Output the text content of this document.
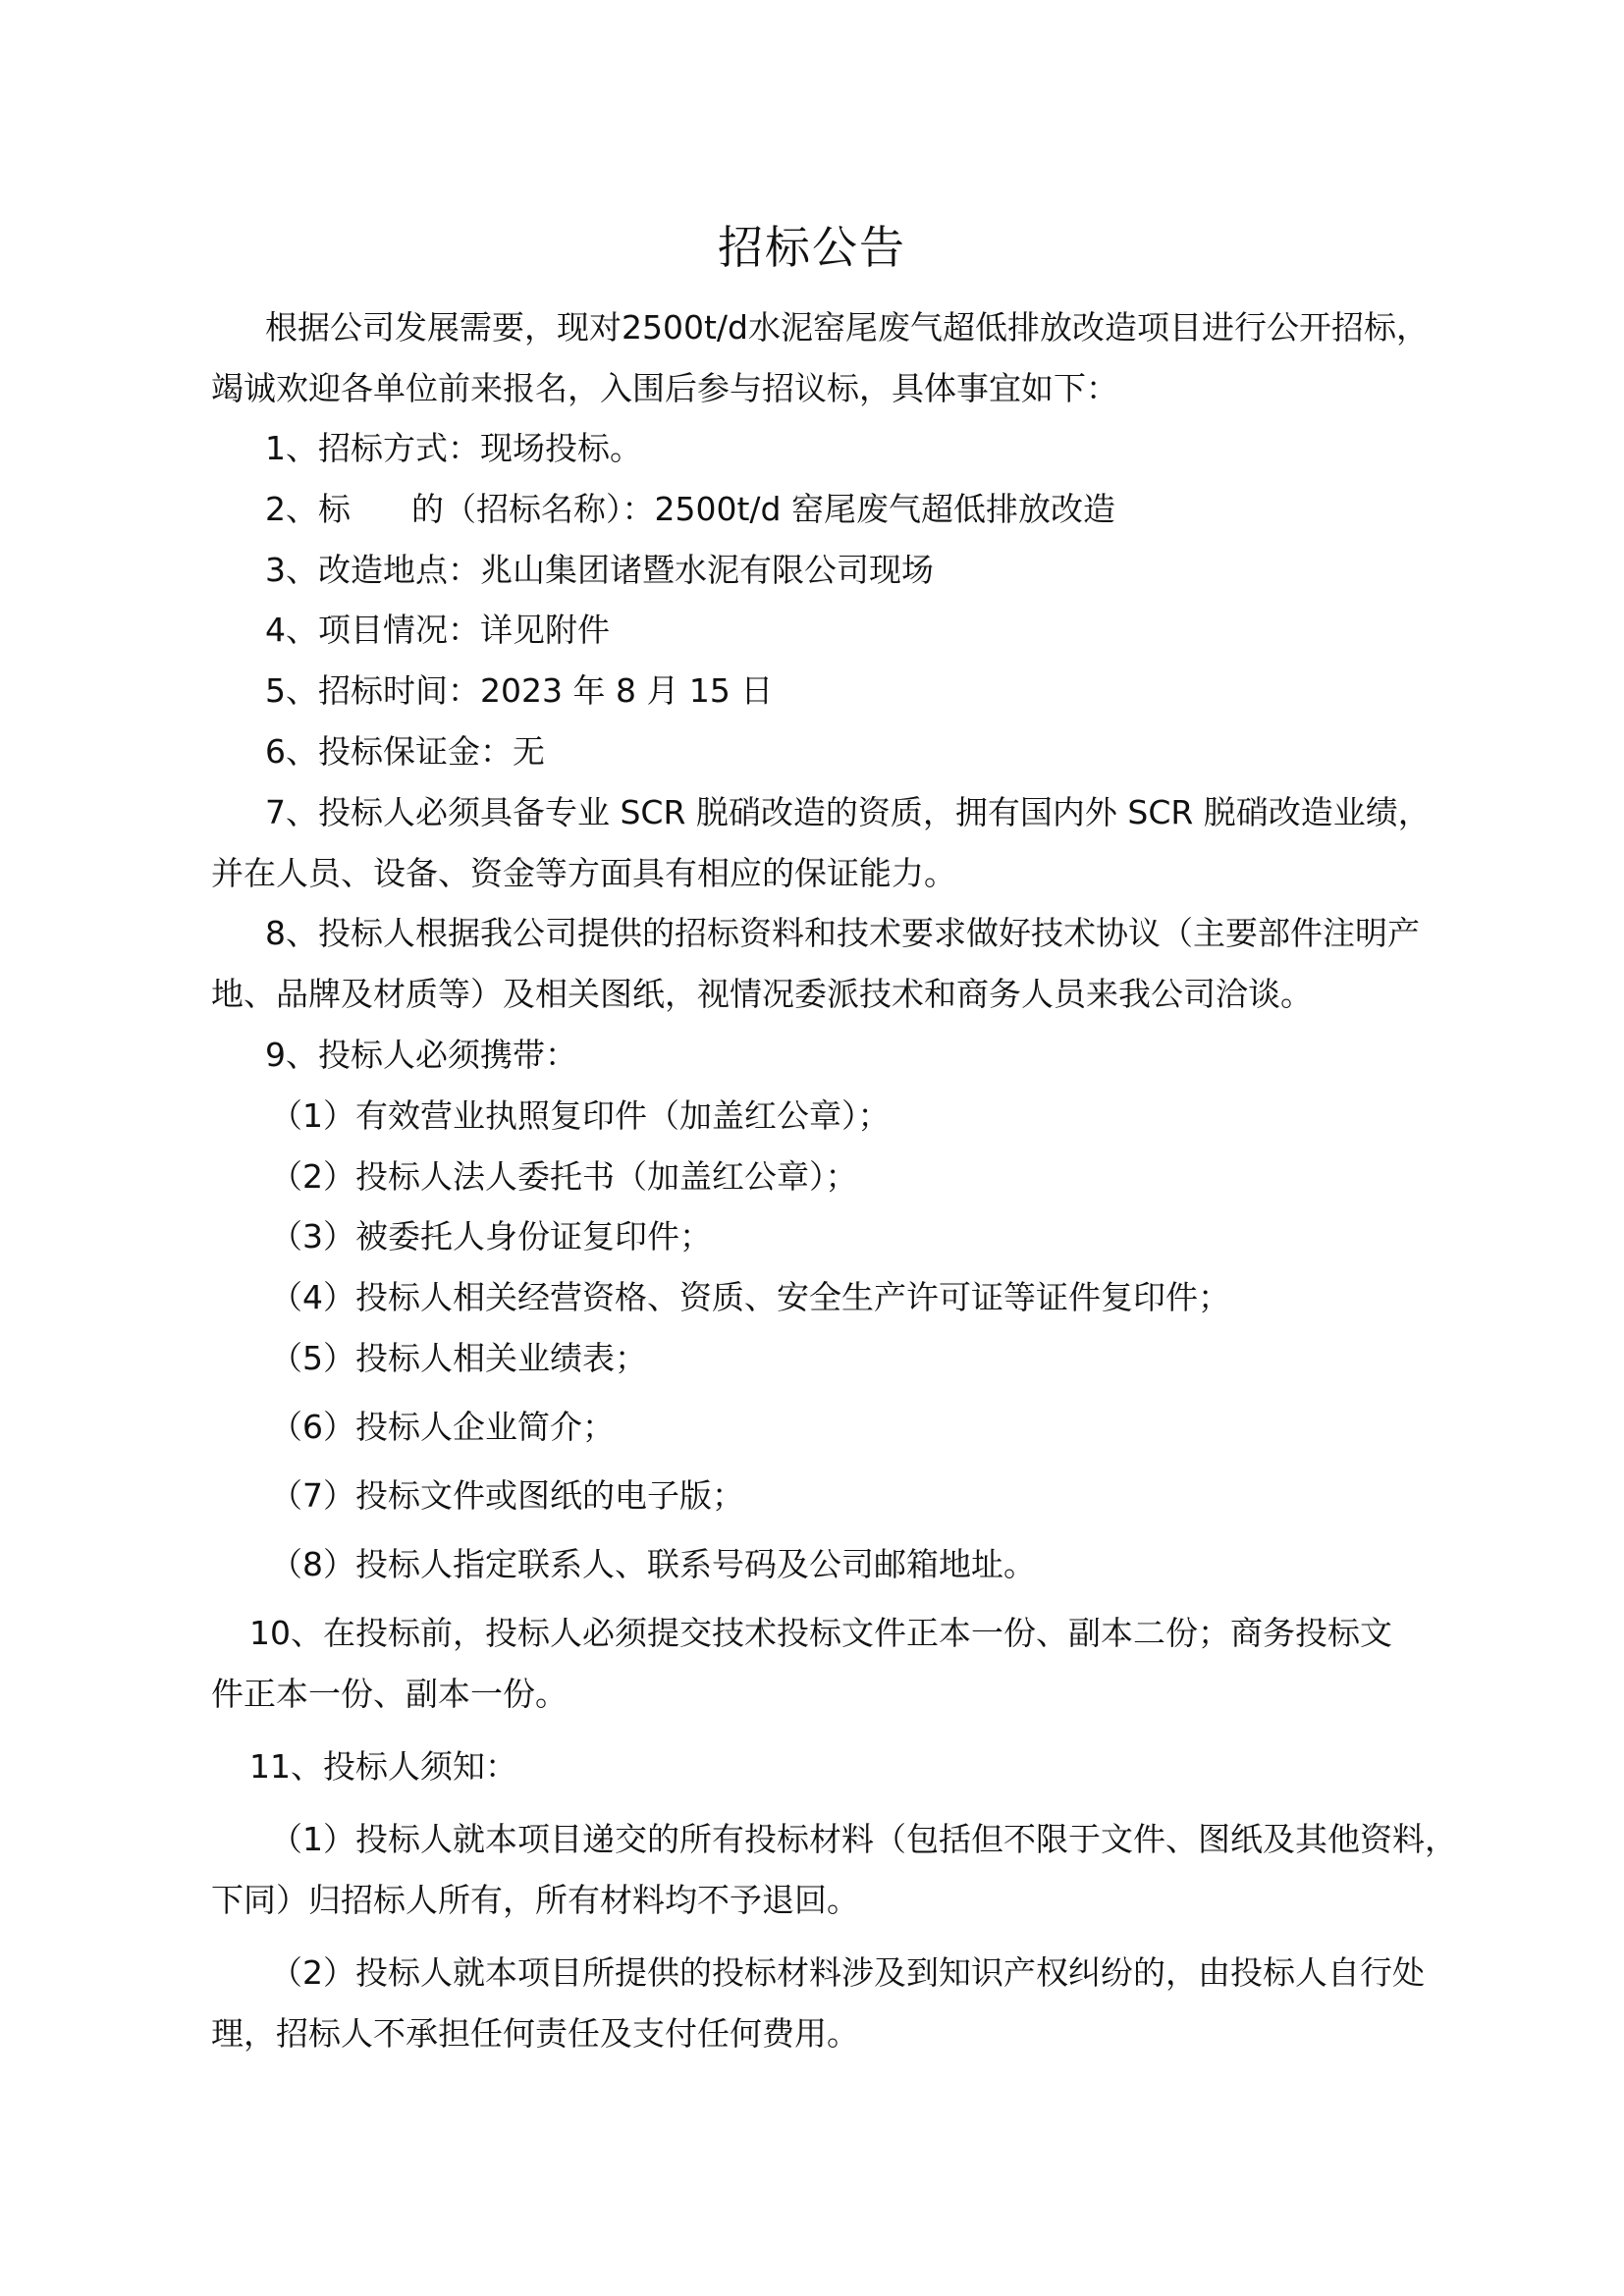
招标公告

根据公司发展需要，现对2500t/d水泥窑尾废气超低排放改造项目进行公开招标，

竭诚欢迎各单位前来报名，入围后参与招议标，具体事宜如下：

1、招标方式：现场投标。

2、标 的（招标名称）：2500t/d 窑尾废气超低排放改造

3、改造地点：兆山集团诸暨水泥有限公司现场

4、项目情况：详见附件

5、招标时间：2023 年 8 月 15 日

6、投标保证金：无

7、投标人必须具备专业 SCR 脱硝改造的资质，拥有国内外 SCR 脱硝改造业绩，

并在人员、设备、资金等方面具有相应的保证能力。

8、投标人根据我公司提供的招标资料和技术要求做好技术协议（主要部件注明产

地、品牌及材质等）及相关图纸，视情况委派技术和商务人员来我公司洽谈。

9、投标人必须携带：

（1）有效营业执照复印件（加盖红公章）；

（2）投标人法人委托书（加盖红公章）；

（3）被委托人身份证复印件；

（4）投标人相关经营资格、资质、安全生产许可证等证件复印件；

（5）投标人相关业绩表；

（6）投标人企业简介；

（7）投标文件或图纸的电子版；

（8）投标人指定联系人、联系号码及公司邮箱地址。

10、在投标前，投标人必须提交技术投标文件正本一份、副本二份；商务投标文

件正本一份、副本一份。

11、投标人须知：

（1）投标人就本项目递交的所有投标材料（包括但不限于文件、图纸及其他资料，

下同）归招标人所有，所有材料均不予退回。

（2）投标人就本项目所提供的投标材料涉及到知识产权纠纷的，由投标人自行处

理，招标人不承担任何责任及支付任何费用。
